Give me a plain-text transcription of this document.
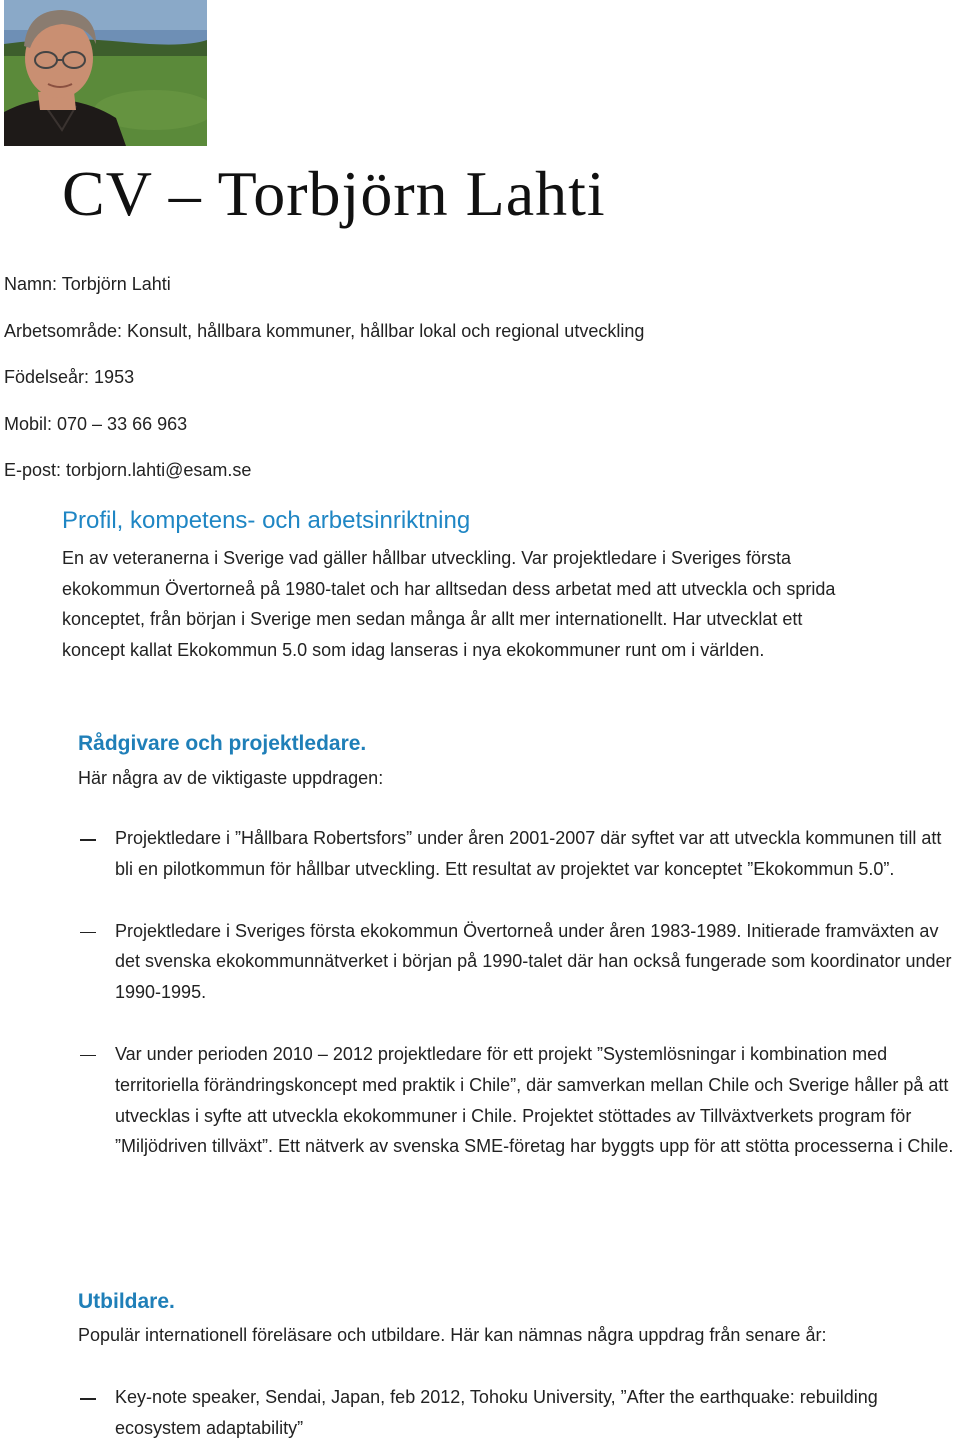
CV – Torbjörn Lahti
Namn: Torbjörn Lahti
Arbetsområde: Konsult, hållbara kommuner, hållbar lokal och regional utveckling
Födelseår: 1953
Mobil: 070 – 33 66 963
E-post: torbjorn.lahti@esam.se
Profil, kompetens- och arbetsinriktning

En av veteranerna i Sverige vad gäller hållbar utveckling. Var projektledare i Sveriges första ekokommun Övertorneå på 1980-talet och har alltsedan dess arbetat med att utveckla och sprida konceptet, från början i Sverige men sedan många år allt mer internationellt. Har utvecklat ett koncept kallat Ekokommun 5.0 som idag lanseras i nya ekokommuner runt om i världen.

Rådgivare och projektledare.

Här några av de viktigaste uppdragen:

Projektledare i ”Hållbara Robertsfors” under åren 2001-2007 där syftet var att utveckla kommunen till att bli en pilotkommun för hållbar utveckling. Ett resultat av projektet var konceptet ”Ekokommun 5.0”.
Projektledare i Sveriges första ekokommun Övertorneå under åren 1983-1989. Initierade framväxten av det svenska ekokommunnätverket i början på 1990-talet där han också fungerade som koordinator under 1990-1995.
Var under perioden 2010 – 2012 projektledare för ett projekt ”Systemlösningar i kombination med territoriella förändringskoncept med praktik i Chile”, där samverkan mellan Chile och Sverige håller på att utvecklas i syfte att utveckla ekokommuner i Chile. Projektet stöttades av Tillväxtverkets program för ”Miljödriven tillväxt”. Ett nätverk av svenska SME-företag har byggts upp för att stötta processerna i Chile.
Utbildare.

Populär internationell föreläsare och utbildare. Här kan nämnas några uppdrag från senare år:

Key-note speaker, Sendai, Japan, feb 2012, Tohoku University, ”After the earthquake: rebuilding ecosystem adaptability”
